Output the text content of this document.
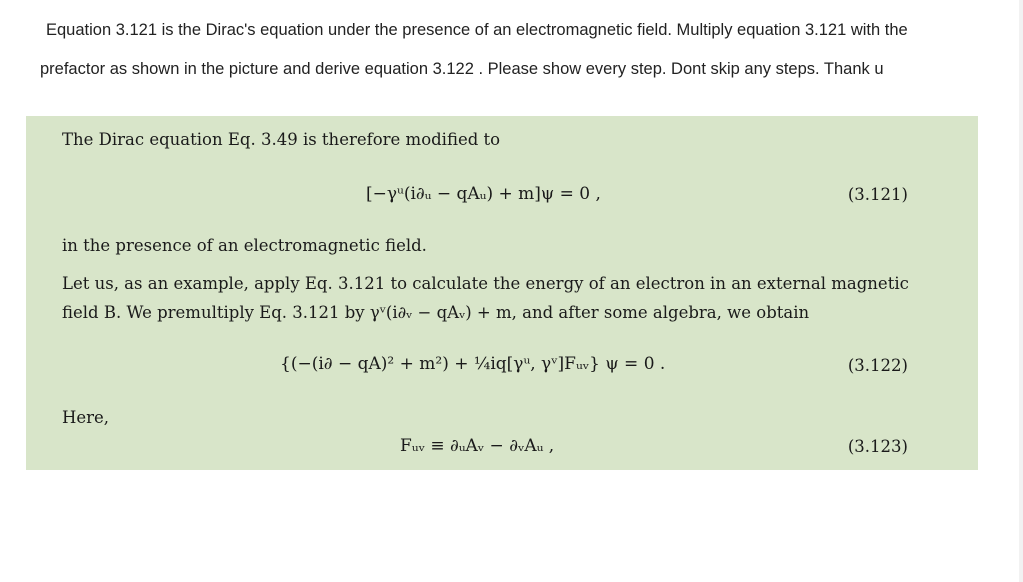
Equation 3.121 is the Dirac's equation under the presence of an electromagnetic field. Multiply equation 3.121 with the
prefactor as shown in the picture and derive equation 3.122 . Please show every step. Dont skip any steps. Thank u
The Dirac equation Eq. 3.49 is therefore modified to
[−γᵘ(i∂ᵤ − qAᵤ) + m]ψ = 0 ,	(3.121)
in the presence of an electromagnetic field.
Let us, as an example, apply Eq. 3.121 to calculate the energy of an electron in an external magnetic
field B. We premultiply Eq. 3.121 by γᵛ(i∂ᵥ − qAᵥ) + m, and after some algebra, we obtain
{(−(i∂ − qA)² + m²) + ¼iq[γᵘ, γᵛ]Fᵤᵥ} ψ = 0 .	(3.122)
Here,
Fᵤᵥ ≡ ∂ᵤAᵥ − ∂ᵥAᵤ ,	(3.123)
